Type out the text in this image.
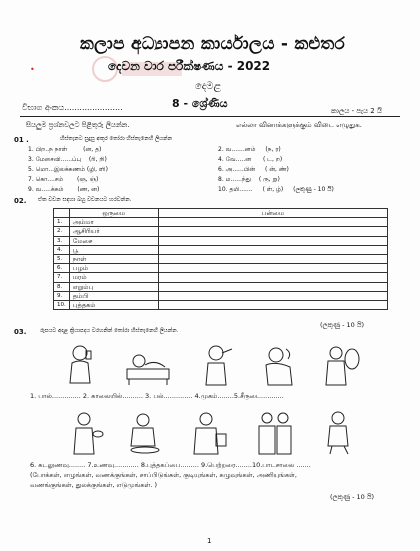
•
කලාප අධ්‍යාපන කාර්යාලය - කළුතර
දෙවන වාර පරීක්ෂණය - 2022
දෙමළ
8 - ශ්‍රේණිය
විභාග අංකය.......................	කාලය - පැය 2 යි
සියලුම ප්‍රශ්නවලට පිළිතුරු ලියන්න.	எல்லா வினாக்களுக்கும் விடை எழுதுக.
01 .	හිස්තැනට සුදුසු අකුර තෝරා හිස්තැනෙහි ලියන්න
1. பிற..ந நாள்	(ன, த)	2. வ.......னம் (ந, ர)
3. மேசைவி......ப்பு (ரி, றி)	4. வே.....ன ( ட, ற)
5. மொ...இலக்கணம் (ழி, ளி)	6. அ......பின் ( ன், ண்)
7. கொ....சம் (ஞ, ஞ்)	8. ம......ந்து ( ரு, று)
9. வ.....க்கம் (ண, ன)	10. தமி....... ( ள், ழ்) (ලකුණු - 10 යි)
02. ඒක වචන සඳහා බහු වචනයට හරවන්න.
	ஒருமை	பன்மை
1.	அம்மா	
2.	ஆசிரியர்	
3.	மேசை	
4.	பூ	
5.	நாள்	
6.	பழம்	
7.	மரம்	
8.	எறும்பு	
9.	தம்பி	
10.	புத்தகம்	
(ලකුණු - 10 යි)
03. රූපයට අදාළ ක්‍රියාපදය වරහනින් තෝරා හිස්තැනෙහි ලියන්න.
1. பால்.............. 2. காலையில்.......... 3. பல்.............. 4.முகம்........5.சீருடை...........
6. கடலுணவு........ 7.உணவு............ 8.புத்தகப்பை......... 9.பெற்றரை........10.பாடசாலை .......
(போக்கள், எழுங்கள், வணக்குங்கள், சாப்பிடுங்கள், குடியுங்கள், கழுவுங்கள், அணியுங்கள்,
வணங்குங்கள், துலக்குங்கள், எடுமுங்கள். )
(ලකුණු - 10 යි)
1
